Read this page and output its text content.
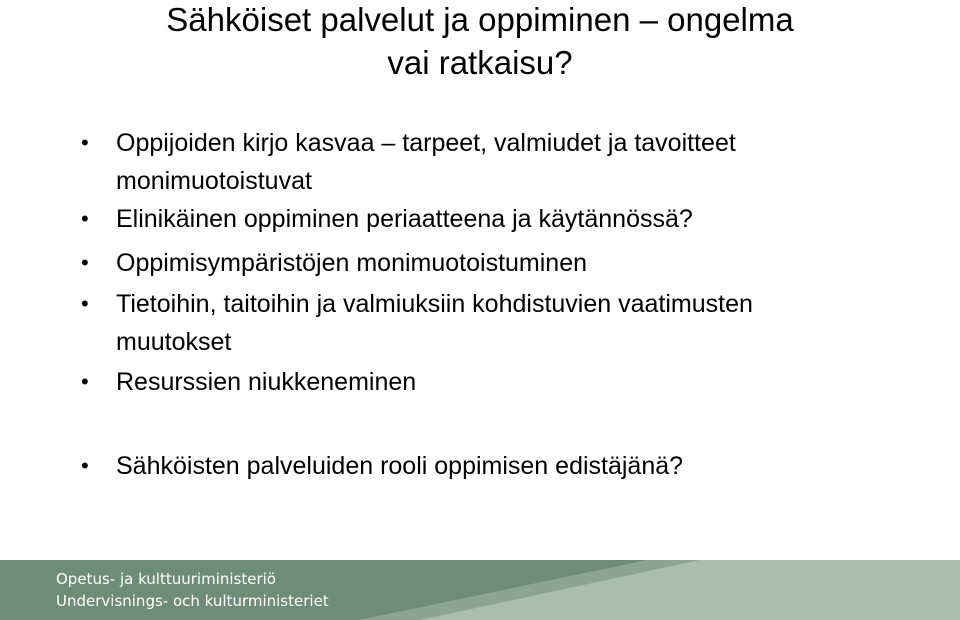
Sähköiset palvelut ja oppiminen – ongelma
vai ratkaisu?
•	Oppijoiden kirjo kasvaa – tarpeet, valmiudet ja tavoitteet
monimuotoistuvat
•	Elinikäinen oppiminen periaatteena ja käytännössä?
•	Oppimisympäristöjen monimuotoistuminen
•	Tietoihin, taitoihin ja valmiuksiin kohdistuvien vaatimusten
muutokset
•	Resurssien niukkeneminen
•	Sähköisten palveluiden rooli oppimisen edistäjänä?
Opetus- ja kulttuuriministeriö
Undervisnings- och kulturministeriet
